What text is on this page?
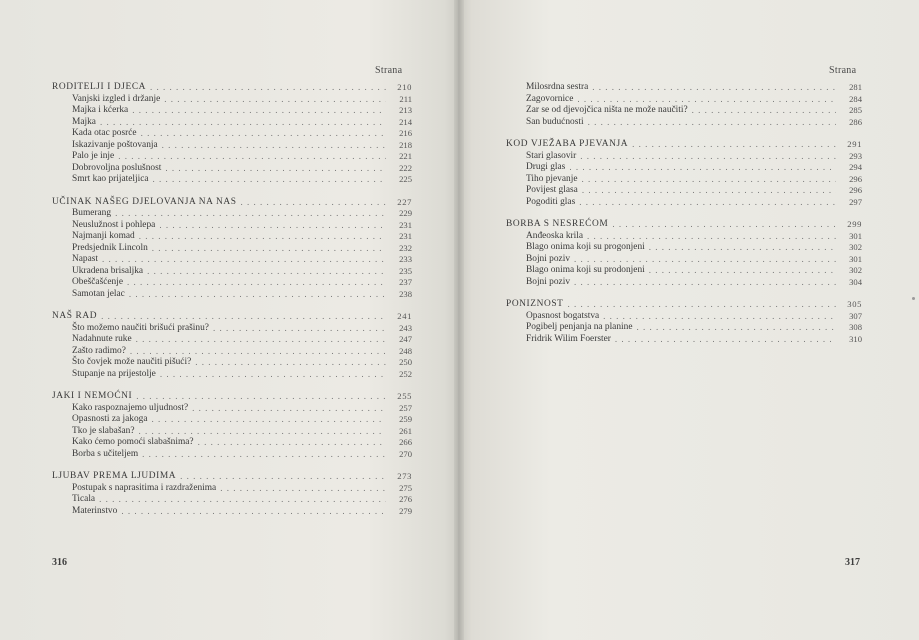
Strana
RODITELJI I DJECA . . .	210
Vanjski izgled i držanje . . .	211
Majka i kćerka . . .	213
Majka . . .	214
Kada otac posrće . . .	216
Iskazivanje poštovanja . . .	218
Palo je inje . . .	221
Dobrovoljna poslušnost . . .	222
Smrt kao prijateljica . . .	225
UČINAK NAŠEG DJELOVANJA NA NAS . . .	227
Bumerang . . .	229
Neuslužnost i pohlepa . . .	231
Najmanji komad . . .	231
Predsjednik Lincoln . . .	232
Napast . . .	233
Ukradena brisaljka . . .	235
Obeščašćenje . . .	237
Samotan jelac . . .	238
NAŠ RAD . . .	241
Što možemo naučiti brišući prašinu? . . .	243
Nadahnute ruke . . .	247
Zašto radimo? . . .	248
Što čovjek može naučiti pišući? . . .	250
Stupanje na prijestolje . . .	252
JAKI I NEMOĆNI . . .	255
Kako raspoznajemo uljudnost? . . .	257
Opasnosti za jakoga . . .	259
Tko je slabašan? . . .	261
Kako ćemo pomoći slabašnima? . . .	266
Borba s učiteljem . . .	270
LJUBAV PREMA LJUDIMA . . .	273
Postupak s naprasitima i razdraženima . . .	275
Ticala . . .	276
Materinstvo . . .	279
316
Strana
Milosrdna sestra . . .	281
Zagovornice . . .	284
Zar se od djevojčica ništa ne može naučiti? . . .	285
San budućnosti . . .	286
KOD VJEŽABA PJEVANJA . . .	291
Stari glasovir . . .	293
Drugi glas . . .	294
Tiho pjevanje . . .	296
Povijest glasa . . .	296
Pogoditi glas . . .	297
BORBA S NESREĆOM . . .	299
Anđeoska krila . . .	301
Blago onima koji su progonjeni . . .	302
Bojni poziv . . .	301
Blago onima koji su prodonjeni . . .	302
Bojni poziv . . .	304
PONIZNOST . . .	305
Opasnost bogatstva . . .	307
Pogibelj penjanja na planine . . .	308
Fridrik Wilim Foerster . . .	310
317
